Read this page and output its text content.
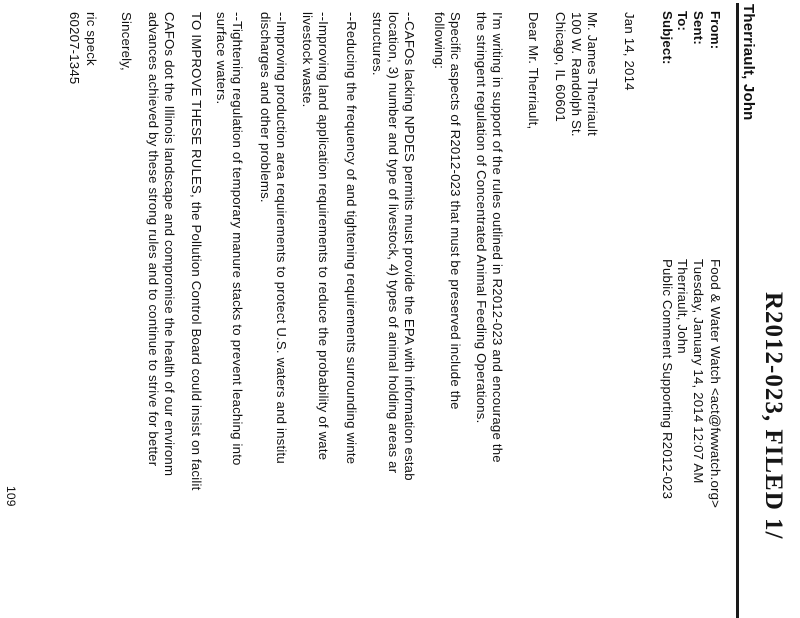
R2012-023, FILED 1/
Therriault, John
From:
Food & Water Watch <act@fwwatch.org>
Sent:
Tuesday, January 14, 2014 12:07 AM
To:
Therriault, John
Subject:
Public Comment Supporting R2012-023
Jan 14, 2014
Mr. James Therriault
100 W. Randolph St.
Chicago, IL 60601
Dear Mr. Therriault,
I'm writing in support of the rules outlined in R2012-023 and encourage the
the stringent regulation of Concentrated Animal Feeding Operations.
Specific aspects of R2012-023 that must be preserved include the
following:
--CAFOs lacking NPDES permits must provide the EPA with information estab
location, 3) number and type of livestock, 4) types of animal holding areas ar
structures.
--Reducing the frequency of and tightening requirements surrounding winte
--Improving land application requirements to reduce the probability of wate
livestock waste.
--Improving production area requirements to protect U.S. waters and institu
discharges and other problems.
--Tightening regulation of temporary manure stacks to prevent leaching into
surface waters.
TO IMPROVE THESE RULES, the Pollution Control Board could insist on facilit
CAFOs dot the Illinois landscape and compromise the health of our environm
advances achieved by these strong rules and to continue to strive for better
Sincerely,
ric speck
60207-1345
109
